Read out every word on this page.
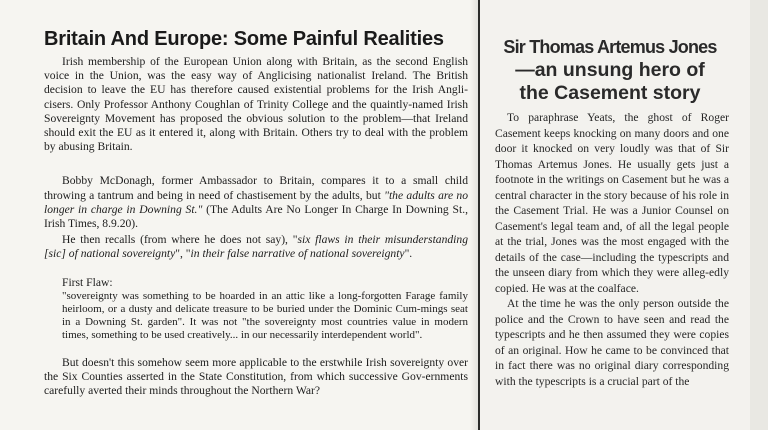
Britain And Europe: Some Painful Realities

Irish membership of the European Union along with Britain, as the second English voice in the Union, was the easy way of Anglicising nationalist Ireland. The British decision to leave the EU has therefore caused existential problems for the Irish Angli-cisers. Only Professor Anthony Coughlan of Trinity College and the quaintly-named Irish Sovereignty Movement has proposed the obvious solution to the problem—that Ireland should exit the EU as it entered it, along with Britain. Others try to deal with the problem by abusing Britain.

Bobby McDonagh, former Ambassador to Britain, compares it to a small child throwing a tantrum and being in need of chastisement by the adults, but "the adults are no longer in charge in Downing St." (The Adults Are No Longer In Charge In Downing St., Irish Times, 8.9.20).

He then recalls (from where he does not say), "six flaws in their misunderstanding [sic] of national sovereignty", "in their false narrative of national sovereignty".

First Flaw:

"sovereignty was something to be hoarded in an attic like a long-forgotten Farage family heirloom, or a dusty and delicate treasure to be buried under the Dominic Cum-mings seat in a Downing St. garden". It was not "the sovereignty most countries value in modern times, something to be used creatively... in our necessarily interdependent world".

But doesn't this somehow seem more applicable to the erstwhile Irish sovereignty over the Six Counties asserted in the State Constitution, from which successive Gov-ernments carefully averted their minds throughout the Northern War?

Sir Thomas Artemus Jones
—an unsung hero of
the Casement story

To paraphrase Yeats, the ghost of Roger Casement keeps knocking on many doors and one door it knocked on very loudly was that of Sir Thomas Artemus Jones. He usually gets just a footnote in the writings on Casement but he was a central character in the story because of his role in the Casement Trial. He was a Junior Counsel on Casement's legal team and, of all the legal people at the trial, Jones was the most engaged with the details of the case—including the typescripts and the unseen diary from which they were alleg-edly copied. He was at the coalface.

At the time he was the only person outside the police and the Crown to have seen and read the typescripts and he then assumed they were copies of an original. How he came to be convinced that in fact there was no original diary corresponding with the typescripts is a crucial part of the
